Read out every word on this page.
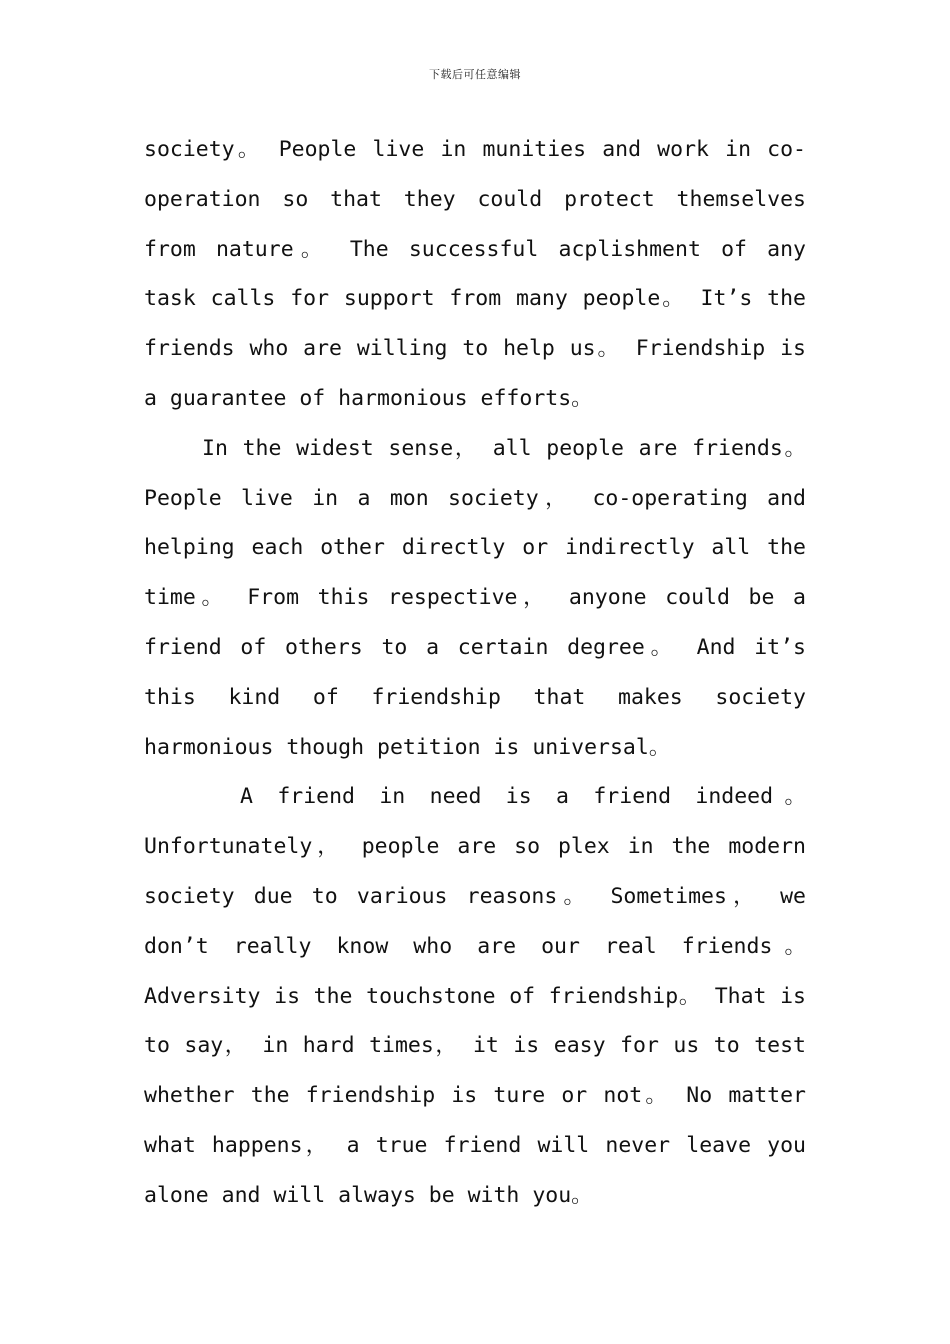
下载后可任意编辑
society。 People live in munities and work in co-
operation so that they could protect themselves
from nature。 The successful acplishment of any
task calls for support from many people。 It’s the
friends who are willing to help us。 Friendship is
a guarantee of harmonious efforts。
In the widest sense， all people are friends。
People live in a mon society， co-operating and
helping each other directly or indirectly all the
time。 From this respective， anyone could be a
friend of others to a certain degree。 And it’s
this kind of friendship that makes society
harmonious though petition is universal。
A friend in need is a friend indeed。
Unfortunately， people are so plex in the modern
society due to various reasons。 Sometimes， we
don’t really know who are our real friends。
Adversity is the touchstone of friendship。 That is
to say， in hard times， it is easy for us to test
whether the friendship is ture or not。 No matter
what happens， a true friend will never leave you
alone and will always be with you。
